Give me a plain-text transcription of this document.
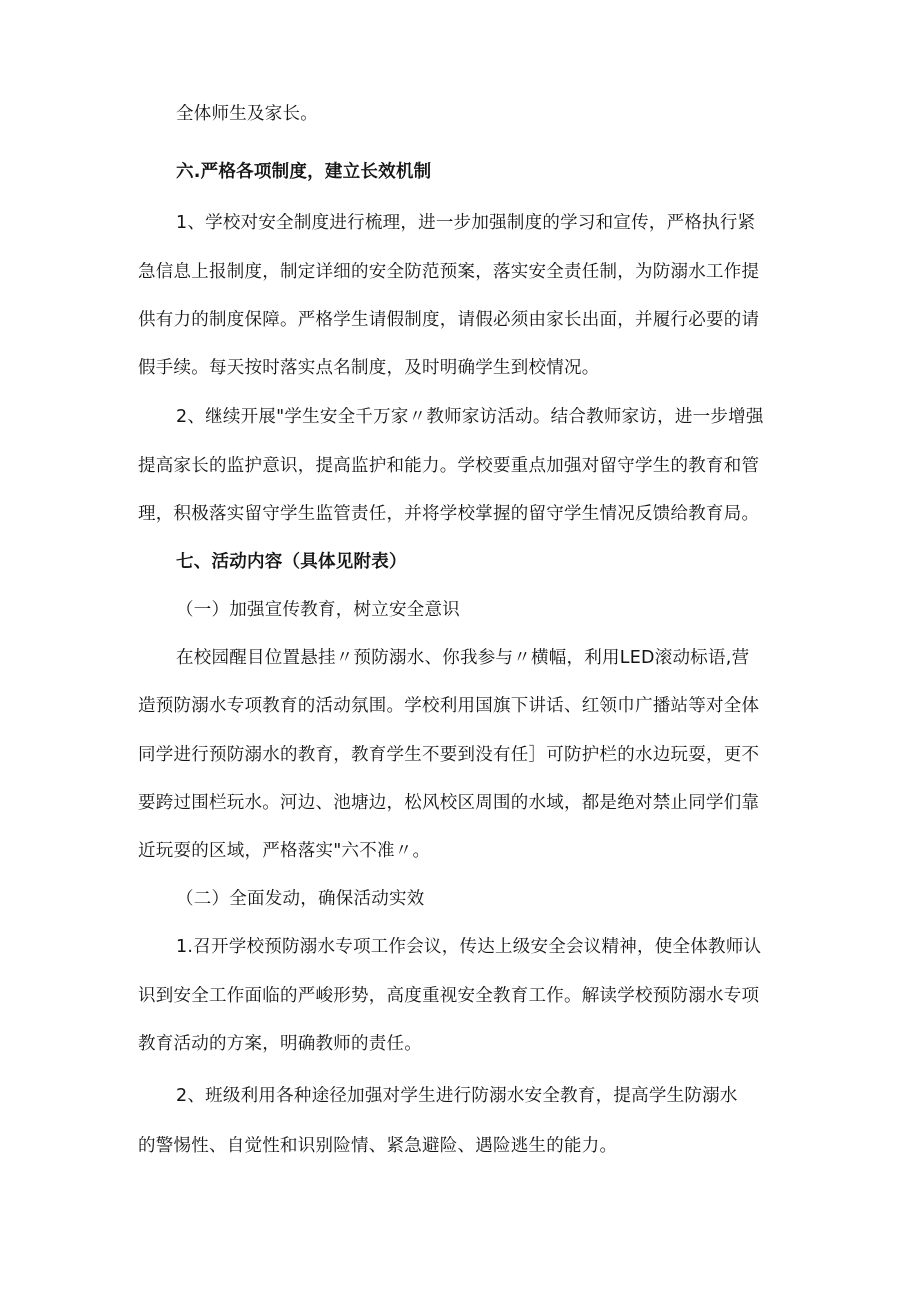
全体师生及家长。
六.严格各项制度，建立长效机制
1、学校对安全制度进行梳理，进一步加强制度的学习和宣传，严格执行紧
急信息上报制度，制定详细的安全防范预案，落实安全责任制，为防溺水工作提
供有力的制度保障。严格学生请假制度，请假必须由家长出面，并履行必要的请
假手续。每天按时落实点名制度，及时明确学生到校情况。
2、继续开展"学生安全千万家〃教师家访活动。结合教师家访，进一步增强
提高家长的监护意识，提高监护和能力。学校要重点加强对留守学生的教育和管
理，积极落实留守学生监管责任，并将学校掌握的留守学生情况反馈给教育局。
七、活动内容（具体见附表）
（一）加强宣传教育，树立安全意识
在校园醒目位置悬挂〃预防溺水、你我参与〃横幅，利用LED滚动标语,营
造预防溺水专项教育的活动氛围。学校利用国旗下讲话、红领巾广播站等对全体
同学进行预防溺水的教育，教育学生不要到没有任］可防护栏的水边玩耍，更不
要跨过围栏玩水。河边、池塘边，松风校区周围的水域，都是绝对禁止同学们靠
近玩耍的区域，严格落实"六不准〃。
（二）全面发动，确保活动实效
1.召开学校预防溺水专项工作会议，传达上级安全会议精神，使全体教师认
识到安全工作面临的严峻形势，高度重视安全教育工作。解读学校预防溺水专项
教育活动的方案，明确教师的责任。
2、班级利用各种途径加强对学生进行防溺水安全教育，提高学生防溺水
的警惕性、自觉性和识别险情、紧急避险、遇险逃生的能力。
